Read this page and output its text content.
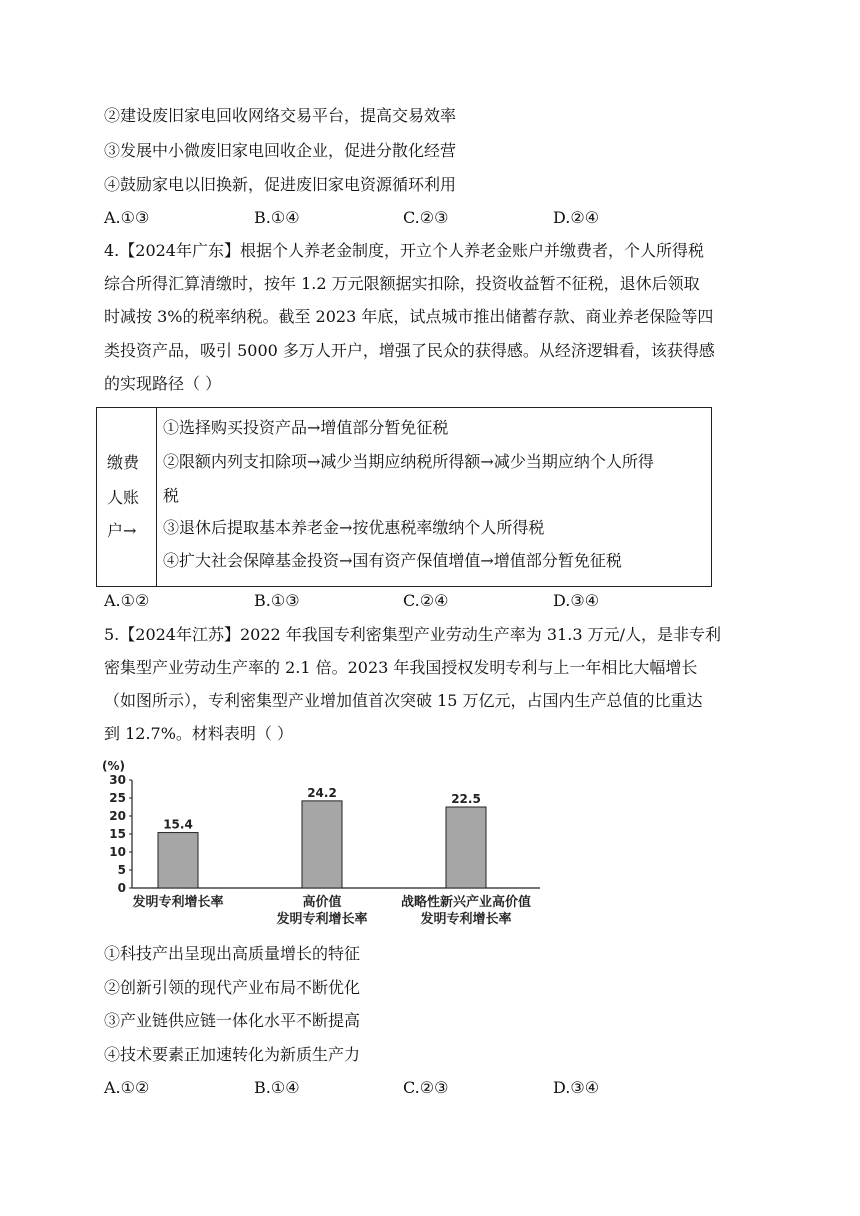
②建设废旧家电回收网络交易平台，提高交易效率
③发展中小微废旧家电回收企业，促进分散化经营
④鼓励家电以旧换新，促进废旧家电资源循环利用
A.①③	B.①④	C.②③	D.②④
4.【2024年广东】根据个人养老金制度，开立个人养老金账户并缴费者，个人所得税
综合所得汇算清缴时，按年 1.2 万元限额据实扣除，投资收益暂不征税，退休后领取
时减按 3%的税率纳税。截至 2023 年底，试点城市推出储蓄存款、商业养老保险等四
类投资产品，吸引 5000 多万人开户，增强了民众的获得感。从经济逻辑看，该获得感
的实现路径（ ）
缴费
人账
户→
①选择购买投资产品→增值部分暂免征税
②限额内列支扣除项→减少当期应纳税所得额→减少当期应纳个人所得
税
③退休后提取基本养老金→按优惠税率缴纳个人所得税
④扩大社会保障基金投资→国有资产保值增值→增值部分暂免征税
A.①②	B.①③	C.②④	D.③④
5.【2024年江苏】2022 年我国专利密集型产业劳动生产率为 31.3 万元/人，是非专利
密集型产业劳动生产率的 2.1 倍。2023 年我国授权发明专利与上一年相比大幅增长
（如图所示），专利密集型产业增加值首次突破 15 万亿元，占国内生产总值的比重达
到 12.7%。材料表明（ ）
(%)
0
5
10
15
20
25
30
15.4
发明专利增长率
24.2
高价值
发明专利增长率
22.5
战略性新兴产业高价值
发明专利增长率
①科技产出呈现出高质量增长的特征
②创新引领的现代产业布局不断优化
③产业链供应链一体化水平不断提高
④技术要素正加速转化为新质生产力
A.①②	B.①④	C.②③	D.③④
